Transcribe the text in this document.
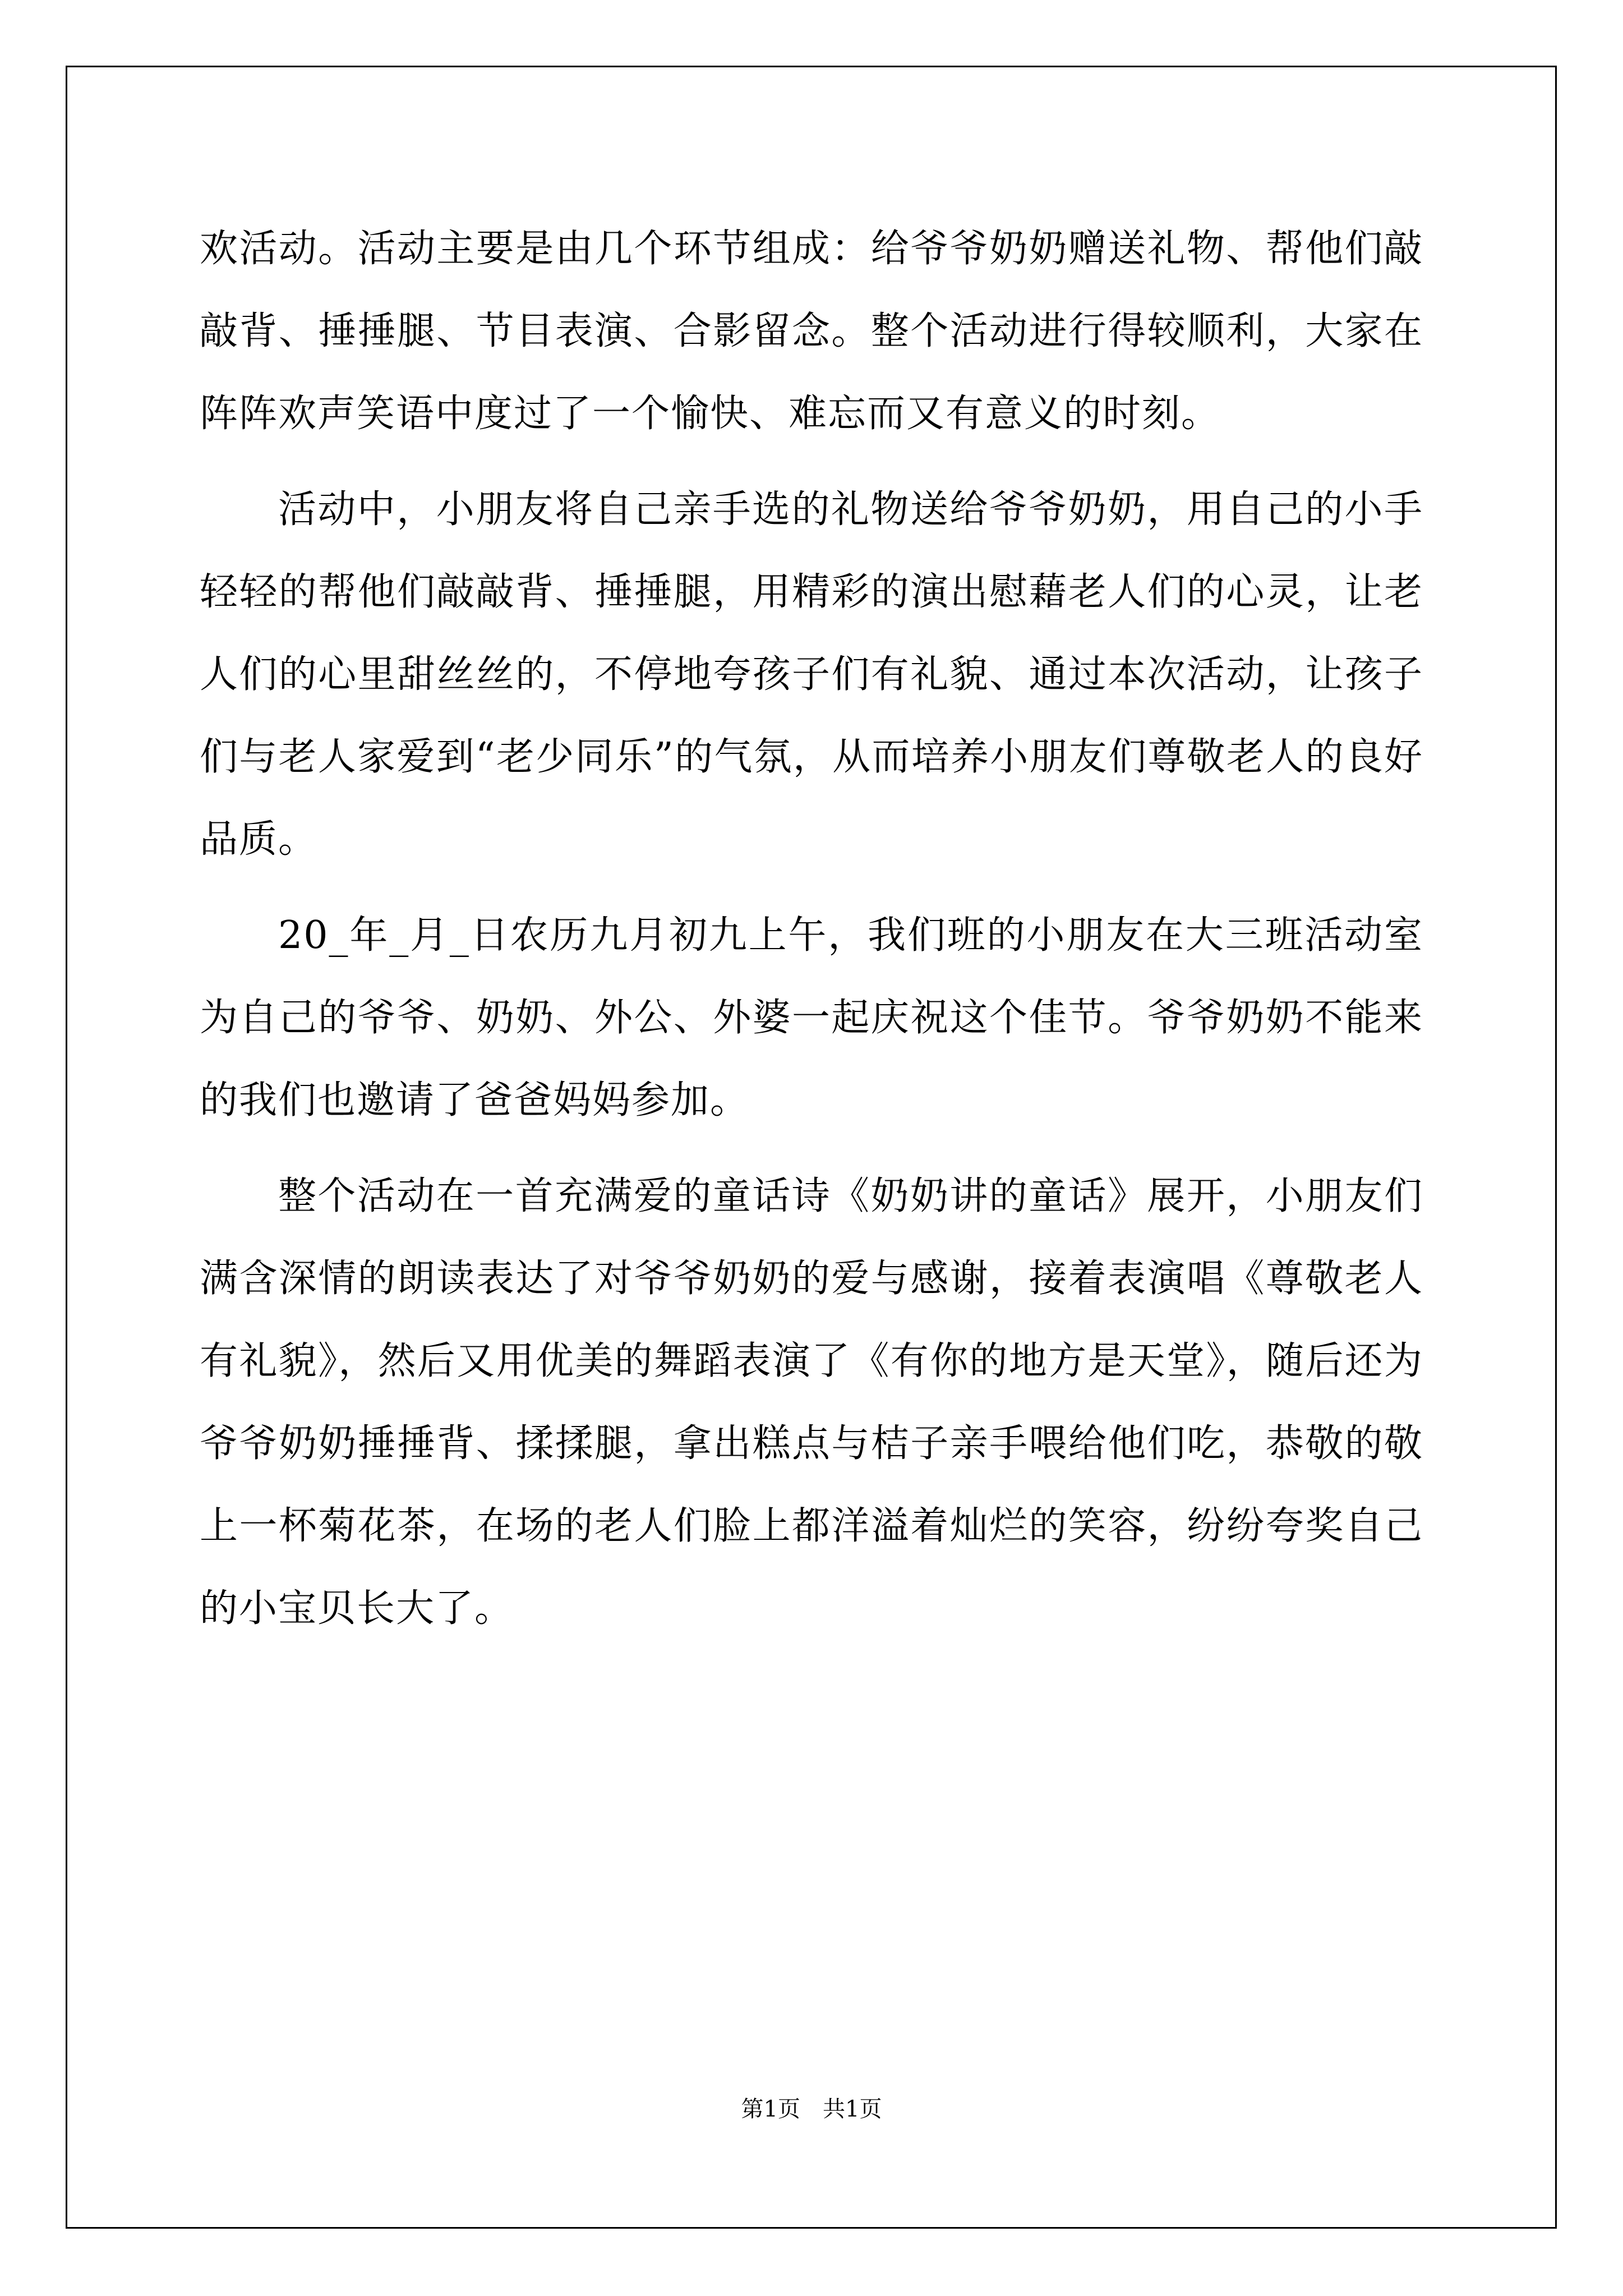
欢活动。活动主要是由几个环节组成：给爷爷奶奶赠送礼物、帮他们敲敲背、捶捶腿、节目表演、合影留念。整个活动进行得较顺利，大家在阵阵欢声笑语中度过了一个愉快、难忘而又有意义的时刻。

活动中，小朋友将自己亲手选的礼物送给爷爷奶奶，用自己的小手轻轻的帮他们敲敲背、捶捶腿，用精彩的演出慰藉老人们的心灵，让老人们的心里甜丝丝的，不停地夸孩子们有礼貌、通过本次活动，让孩子们与老人家爱到“老少同乐”的气氛，从而培养小朋友们尊敬老人的良好品质。

20_年_月_日农历九月初九上午，我们班的小朋友在大三班活动室为自己的爷爷、奶奶、外公、外婆一起庆祝这个佳节。爷爷奶奶不能来的我们也邀请了爸爸妈妈参加。

整个活动在一首充满爱的童话诗《奶奶讲的童话》展开，小朋友们满含深情的朗读表达了对爷爷奶奶的爱与感谢，接着表演唱《尊敬老人有礼貌》，然后又用优美的舞蹈表演了《有你的地方是天堂》，随后还为爷爷奶奶捶捶背、揉揉腿，拿出糕点与桔子亲手喂给他们吃，恭敬的敬上一杯菊花茶，在场的老人们脸上都洋溢着灿烂的笑容，纷纷夸奖自己的小宝贝长大了。

第1页 共1页
